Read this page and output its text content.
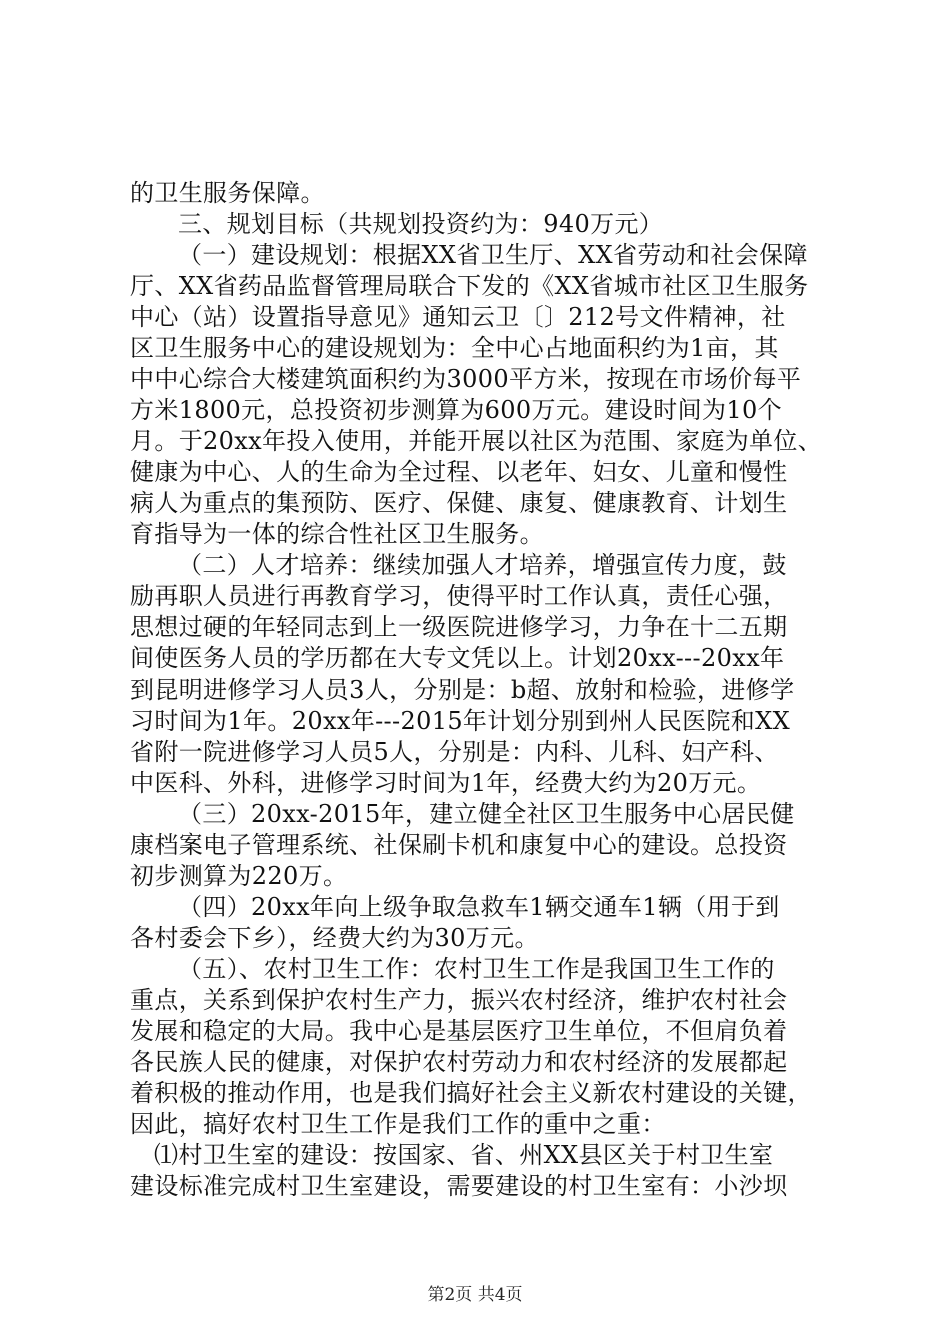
的卫生服务保障。
三、规划目标（共规划投资约为：940万元）
（一）建设规划：根据XX省卫生厅、XX省劳动和社会保障
厅、XX省药品监督管理局联合下发的《XX省城市社区卫生服务
中心（站）设置指导意见》通知云卫〔〕212号文件精神，社
区卫生服务中心的建设规划为：全中心占地面积约为1亩，其
中中心综合大楼建筑面积约为3000平方米，按现在市场价每平
方米1800元，总投资初步测算为600万元。建设时间为10个
月。于20xx年投入使用，并能开展以社区为范围、家庭为单位、
健康为中心、人的生命为全过程、以老年、妇女、儿童和慢性
病人为重点的集预防、医疗、保健、康复、健康教育、计划生
育指导为一体的综合性社区卫生服务。
（二）人才培养：继续加强人才培养，增强宣传力度，鼓
励再职人员进行再教育学习，使得平时工作认真，责任心强，
思想过硬的年轻同志到上一级医院进修学习，力争在十二五期
间使医务人员的学历都在大专文凭以上。计划20xx---20xx年
到昆明进修学习人员3人，分别是：b超、放射和检验，进修学
习时间为1年。20xx年---2015年计划分别到州人民医院和XX
省附一院进修学习人员5人，分别是：内科、儿科、妇产科、
中医科、外科，进修学习时间为1年，经费大约为20万元。
（三）20xx-2015年，建立健全社区卫生服务中心居民健
康档案电子管理系统、社保刷卡机和康复中心的建设。总投资
初步测算为220万。
（四）20xx年向上级争取急救车1辆交通车1辆（用于到
各村委会下乡），经费大约为30万元。
（五）、农村卫生工作：农村卫生工作是我国卫生工作的
重点，关系到保护农村生产力，振兴农村经济，维护农村社会
发展和稳定的大局。我中心是基层医疗卫生单位，不但肩负着
各民族人民的健康，对保护农村劳动力和农村经济的发展都起
着积极的推动作用，也是我们搞好社会主义新农村建设的关键，
因此，搞好农村卫生工作是我们工作的重中之重：
⑴村卫生室的建设：按国家、省、州XX县区关于村卫生室
建设标准完成村卫生室建设，需要建设的村卫生室有：小沙坝
第2页 共4页
